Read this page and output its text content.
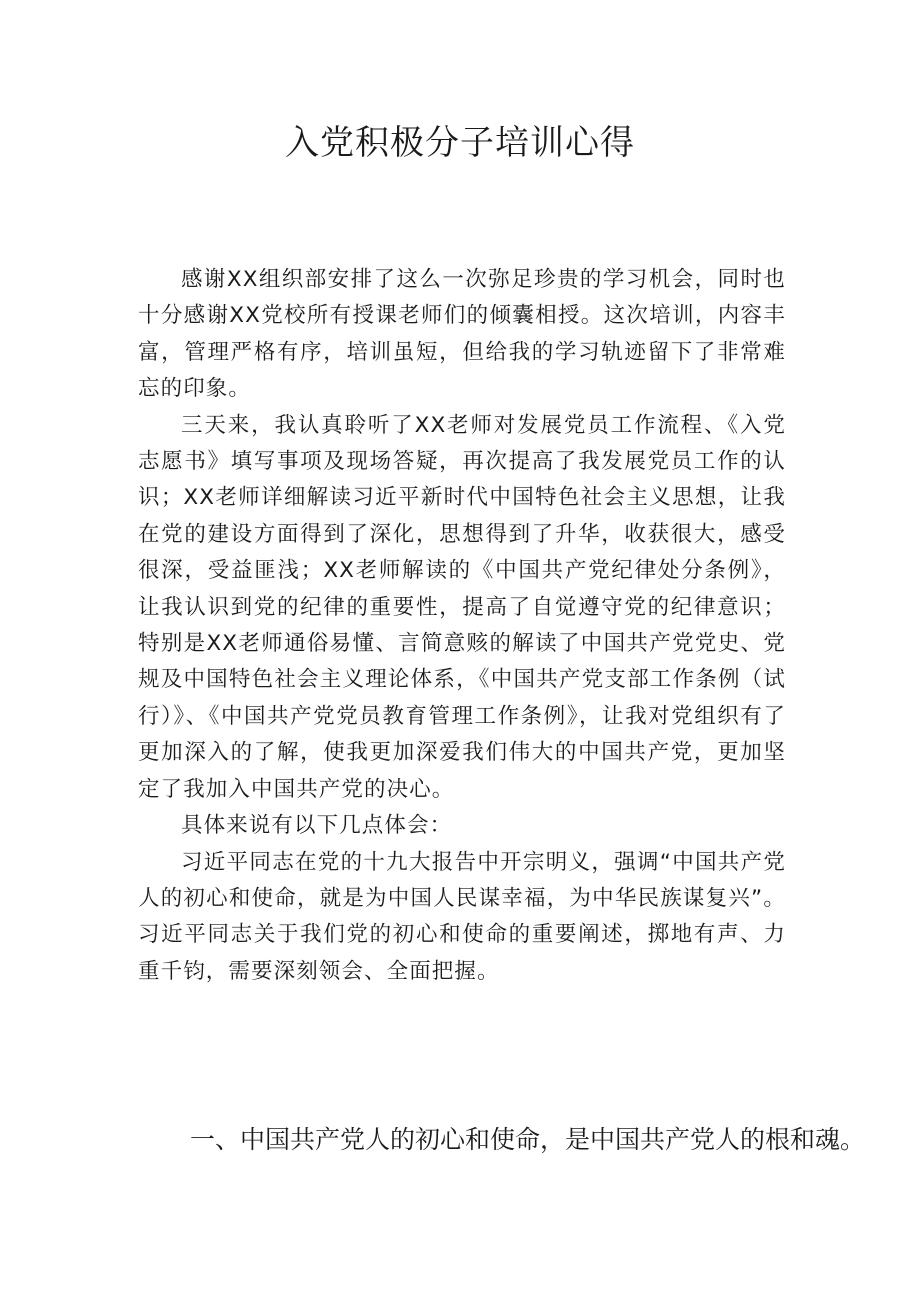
入党积极分子培训心得

感谢XX组织部安排了这么一次弥足珍贵的学习机会，同时也十分感谢XX党校所有授课老师们的倾囊相授。这次培训，内容丰富，管理严格有序，培训虽短，但给我的学习轨迹留下了非常难忘的印象。

三天来，我认真聆听了XX老师对发展党员工作流程、《入党志愿书》填写事项及现场答疑，再次提高了我发展党员工作的认识；XX老师详细解读习近平新时代中国特色社会主义思想，让我在党的建设方面得到了深化，思想得到了升华，收获很大，感受很深，受益匪浅；XX老师解读的《中国共产党纪律处分条例》，让我认识到党的纪律的重要性，提高了自觉遵守党的纪律意识；特别是XX老师通俗易懂、言简意赅的解读了中国共产党党史、党规及中国特色社会主义理论体系，《中国共产党支部工作条例（试行）》、《中国共产党党员教育管理工作条例》，让我对党组织有了更加深入的了解，使我更加深爱我们伟大的中国共产党，更加坚定了我加入中国共产党的决心。

具体来说有以下几点体会：

习近平同志在党的十九大报告中开宗明义，强调“中国共产党人的初心和使命，就是为中国人民谋幸福，为中华民族谋复兴”。习近平同志关于我们党的初心和使命的重要阐述，掷地有声、力重千钧，需要深刻领会、全面把握。

一、中国共产党人的初心和使命，是中国共产党人的根和魂。
